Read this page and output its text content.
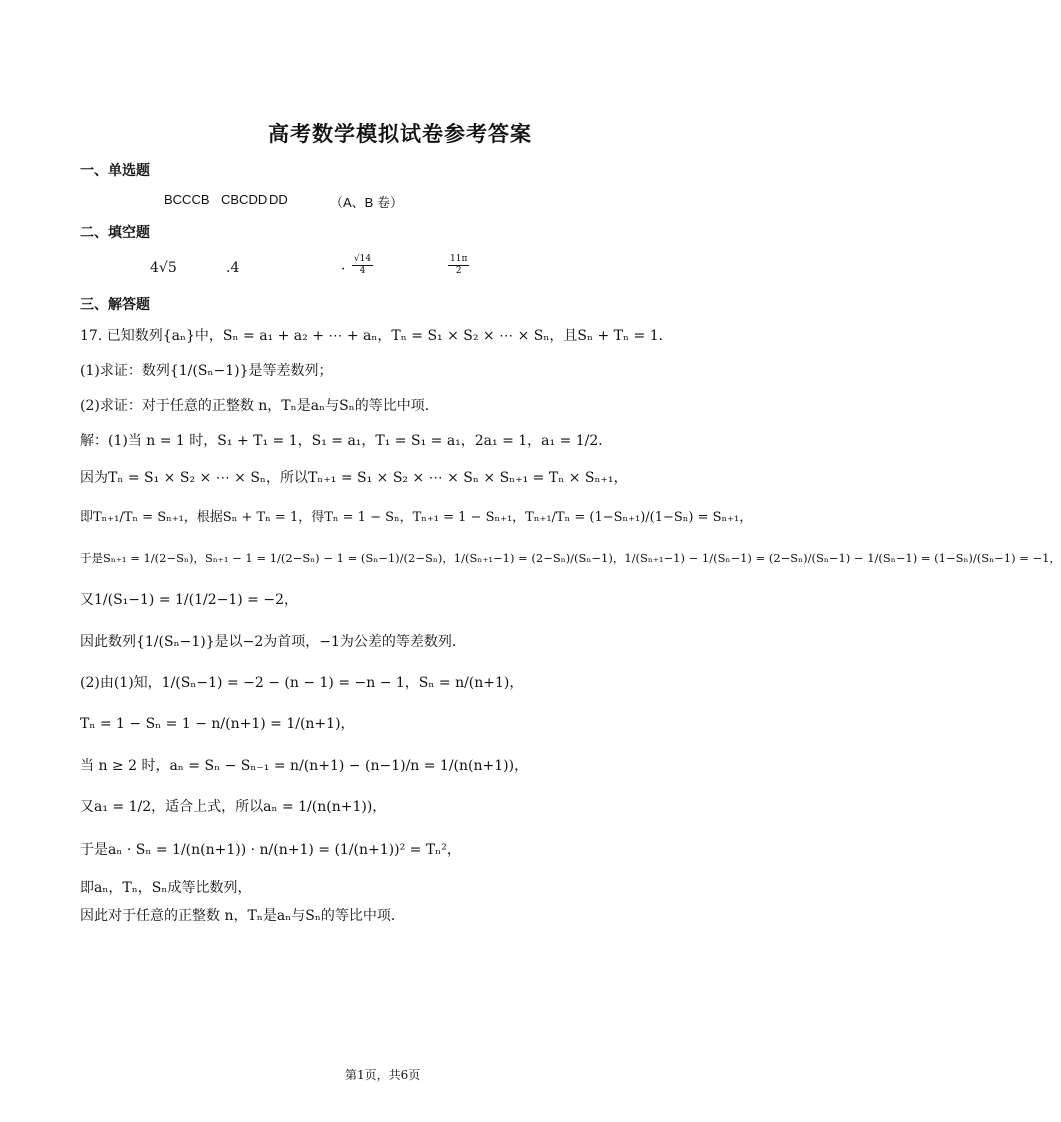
高考数学模拟试卷参考答案
一、单选题
BCCCB CBCDD DD	（A、B 卷）
二、填空题
4√5	.4	. $\frac{√14}{4}$	$\frac{11\pi}{2}$
三、解答题
17. 已知数列{aₙ}中，Sₙ = a₁ + a₂ + ⋯ + aₙ，Tₙ = S₁ × S₂ × ⋯ × Sₙ，且Sₙ + Tₙ = 1．
(1)求证：数列{1/(Sₙ−1)}是等差数列；
(2)求证：对于任意的正整数 n，Tₙ是aₙ与Sₙ的等比中项．
解：(1)当 n = 1 时，S₁ + T₁ = 1，S₁ = a₁，T₁ = S₁ = a₁，2a₁ = 1，a₁ = 1/2．
因为Tₙ = S₁ × S₂ × ⋯ × Sₙ，所以Tₙ₊₁ = S₁ × S₂ × ⋯ × Sₙ × Sₙ₊₁ = Tₙ × Sₙ₊₁，
即Tₙ₊₁/Tₙ = Sₙ₊₁，根据Sₙ + Tₙ = 1，得Tₙ = 1 − Sₙ，Tₙ₊₁ = 1 − Sₙ₊₁，Tₙ₊₁/Tₙ = (1−Sₙ₊₁)/(1−Sₙ) = Sₙ₊₁，
于是Sₙ₊₁ = 1/(2−Sₙ)，Sₙ₊₁ − 1 = 1/(2−Sₙ) − 1 = (Sₙ−1)/(2−Sₙ)，1/(Sₙ₊₁−1) = (2−Sₙ)/(Sₙ−1)，1/(Sₙ₊₁−1) − 1/(Sₙ−1) = (2−Sₙ)/(Sₙ−1) − 1/(Sₙ−1) = (1−Sₙ)/(Sₙ−1) = −1，
又1/(S₁−1) = 1/(1/2−1) = −2，
因此数列{1/(Sₙ−1)}是以−2为首项，−1为公差的等差数列．
(2)由(1)知，1/(Sₙ−1) = −2 − (n − 1) = −n − 1，Sₙ = n/(n+1)，
Tₙ = 1 − Sₙ = 1 − n/(n+1) = 1/(n+1)，
当 n ≥ 2 时，aₙ = Sₙ − Sₙ₋₁ = n/(n+1) − (n−1)/n = 1/(n(n+1))，
又a₁ = 1/2，适合上式，所以aₙ = 1/(n(n+1))，
于是aₙ · Sₙ = 1/(n(n+1)) · n/(n+1) = (1/(n+1))² = Tₙ²，
即aₙ，Tₙ，Sₙ成等比数列，
因此对于任意的正整数 n，Tₙ是aₙ与Sₙ的等比中项．
第1页，共6页
